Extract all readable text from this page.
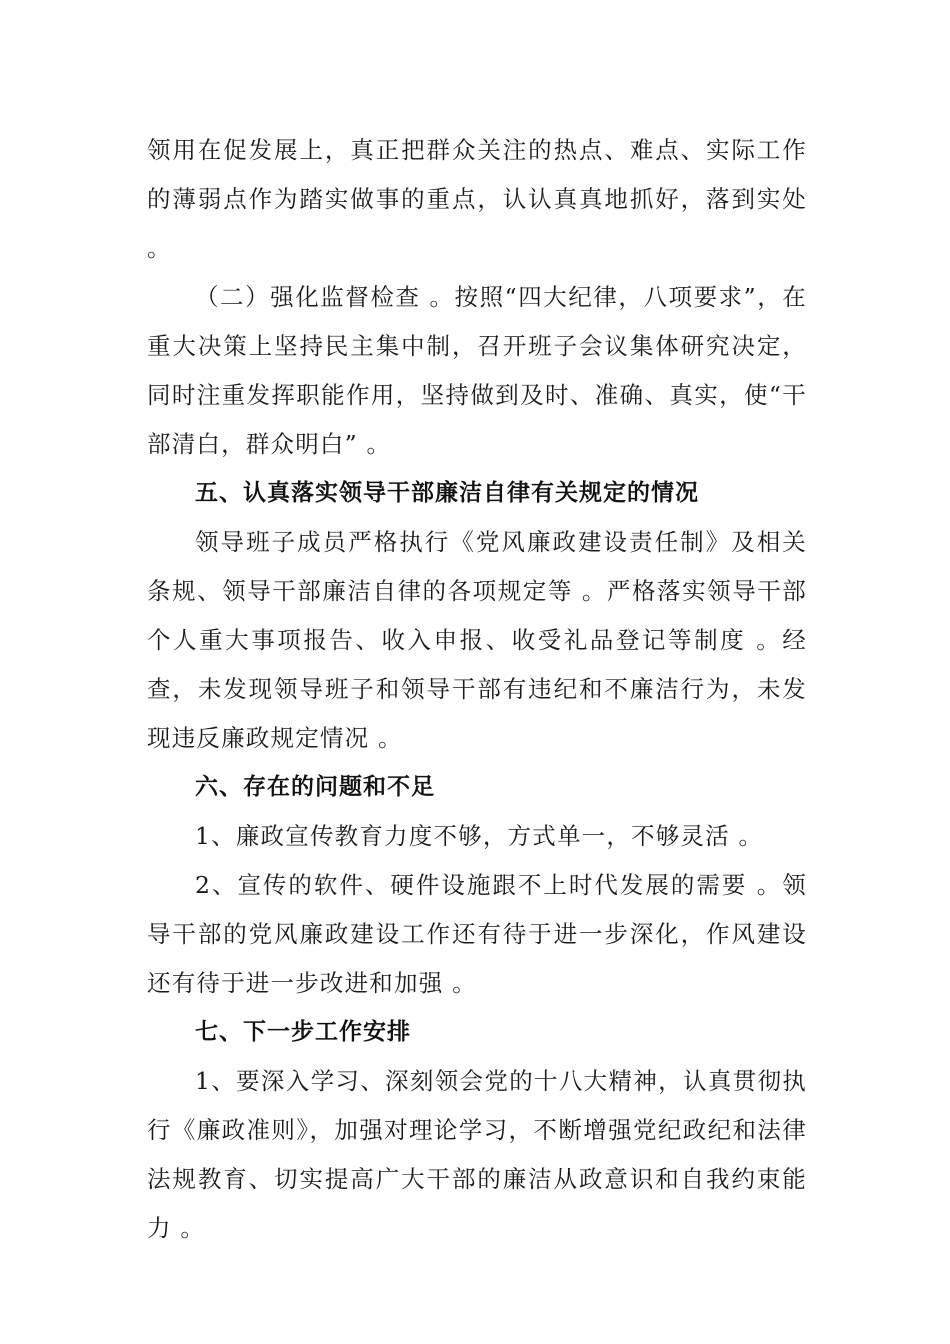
领用在促发展上，真正把群众关注的热点、难点、实际工作的薄弱点作为踏实做事的重点，认认真真地抓好，落到实处 。

（二）强化监督检查 。按照“四大纪律，八项要求”，在重大决策上坚持民主集中制，召开班子会议集体研究决定，同时注重发挥职能作用，坚持做到及时、准确、真实，使“干部清白，群众明白” 。

五、认真落实领导干部廉洁自律有关规定的情况

领导班子成员严格执行《党风廉政建设责任制》及相关条规、领导干部廉洁自律的各项规定等 。严格落实领导干部个人重大事项报告、收入申报、收受礼品登记等制度 。经查，未发现领导班子和领导干部有违纪和不廉洁行为，未发现违反廉政规定情况 。

六、存在的问题和不足

1、廉政宣传教育力度不够，方式单一，不够灵活 。

2、宣传的软件、硬件设施跟不上时代发展的需要 。领导干部的党风廉政建设工作还有待于进一步深化，作风建设还有待于进一步改进和加强 。

七、下一步工作安排

1、要深入学习、深刻领会党的十八大精神，认真贯彻执行《廉政准则》，加强对理论学习，不断增强党纪政纪和法律法规教育、切实提高广大干部的廉洁从政意识和自我约束能力 。
